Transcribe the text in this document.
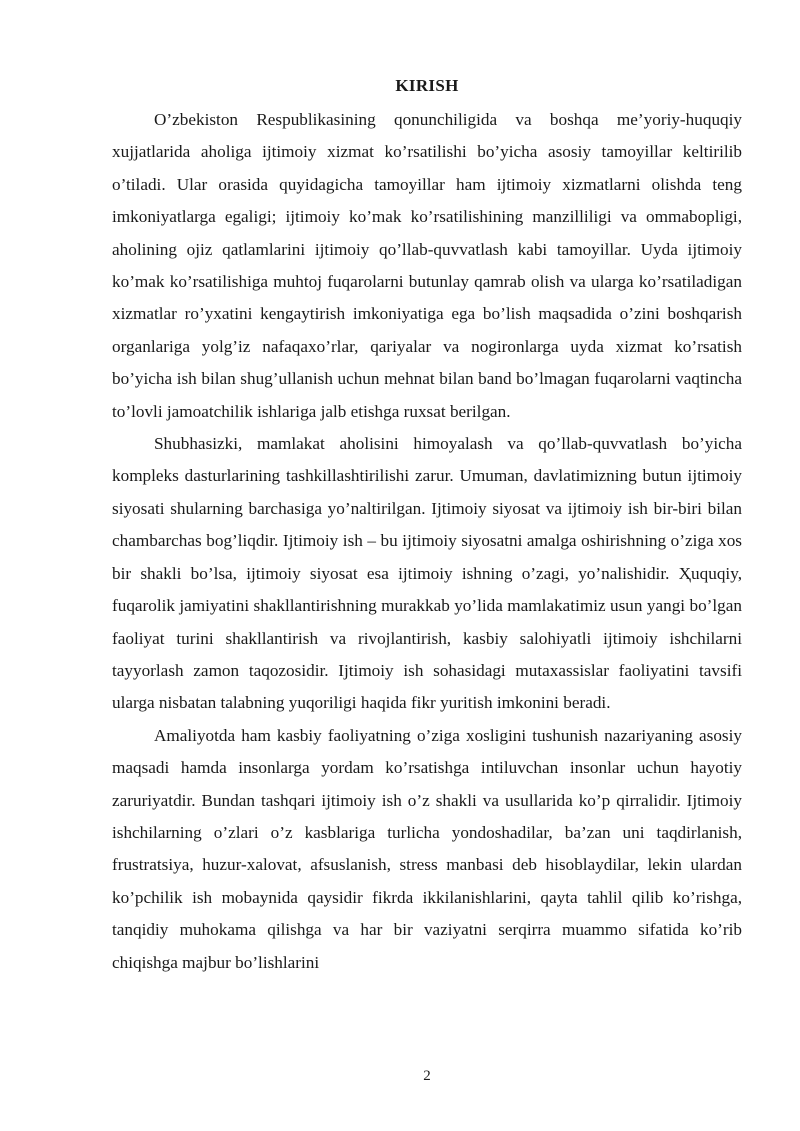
KIRISH

O’zbekiston Respublikasining qonunchiligida va boshqa me’yoriy-huquqiy xujjatlarida aholiga ijtimoiy xizmat ko’rsatilishi bo’yicha asosiy tamoyillar keltirilib o’tiladi. Ular orasida quyidagicha tamoyillar ham ijtimoiy xizmatlarni olishda teng imkoniyatlarga egaligi; ijtimoiy ko’mak ko’rsatilishining manzilliligi va ommabopligi, aholining ojiz qatlamlarini ijtimoiy qo’llab-quvvatlash kabi tamoyillar. Uyda ijtimoiy ko’mak ko’rsatilishiga muhtoj fuqarolarni butunlay qamrab olish va ularga ko’rsatiladigan xizmatlar ro’yxatini kengaytirish imkoniyatiga ega bo’lish maqsadida o’zini boshqarish organlariga yolg’iz nafaqaxo’rlar, qariyalar va nogironlarga uyda xizmat ko’rsatish bo’yicha ish bilan shug’ullanish uchun mehnat bilan band bo’lmagan fuqarolarni vaqtincha to’lovli jamoatchilik ishlariga jalb etishga ruxsat berilgan.

Shubhasizki, mamlakat aholisini himoyalash va qo’llab-quvvatlash bo’yicha kompleks dasturlarining tashkillashtirilishi zarur. Umuman, davlatimizning butun ijtimoiy siyosati shularning barchasiga yo’naltirilgan. Ijtimoiy siyosat va ijtimoiy ish bir-biri bilan chambarchas bog’liqdir. Ijtimoiy ish – bu ijtimoiy siyosatni amalga oshirishning o’ziga xos bir shakli bo’lsa, ijtimoiy siyosat esa ijtimoiy ishning o’zagi, yo’nalishidir. Ҳuquqiy, fuqarolik jamiyatini shakllantirishning murakkab yo’lida mamlakatimiz usun yangi bo’lgan faoliyat turini shakllantirish va rivojlantirish, kasbiy salohiyatli ijtimoiy ishchilarni tayyorlash zamon taqozosidir. Ijtimoiy ish sohasidagi mutaxassislar faoliyatini tavsifi ularga nisbatan talabning yuqoriligi haqida fikr yuritish imkonini beradi.

Amaliyotda ham kasbiy faoliyatning o’ziga xosligini tushunish nazariyaning asosiy maqsadi hamda insonlarga yordam ko’rsatishga intiluvchan insonlar uchun hayotiy zaruriyatdir. Bundan tashqari ijtimoiy ish o’z shakli va usullarida ko’p qirralidir. Ijtimoiy ishchilarning o’zlari o’z kasblariga turlicha yondoshadilar, ba’zan uni taqdirlanish, frustratsiya, huzur-xalovat, afsuslanish, stress manbasi deb hisoblaydilar, lekin ulardan ko’pchilik ish mobaynida qaysidir fikrda ikkilanishlarini, qayta tahlil qilib ko’rishga, tanqidiy muhokama qilishga va har bir vaziyatni serqirra muammo sifatida ko’rib chiqishga majbur bo’lishlarini

2
